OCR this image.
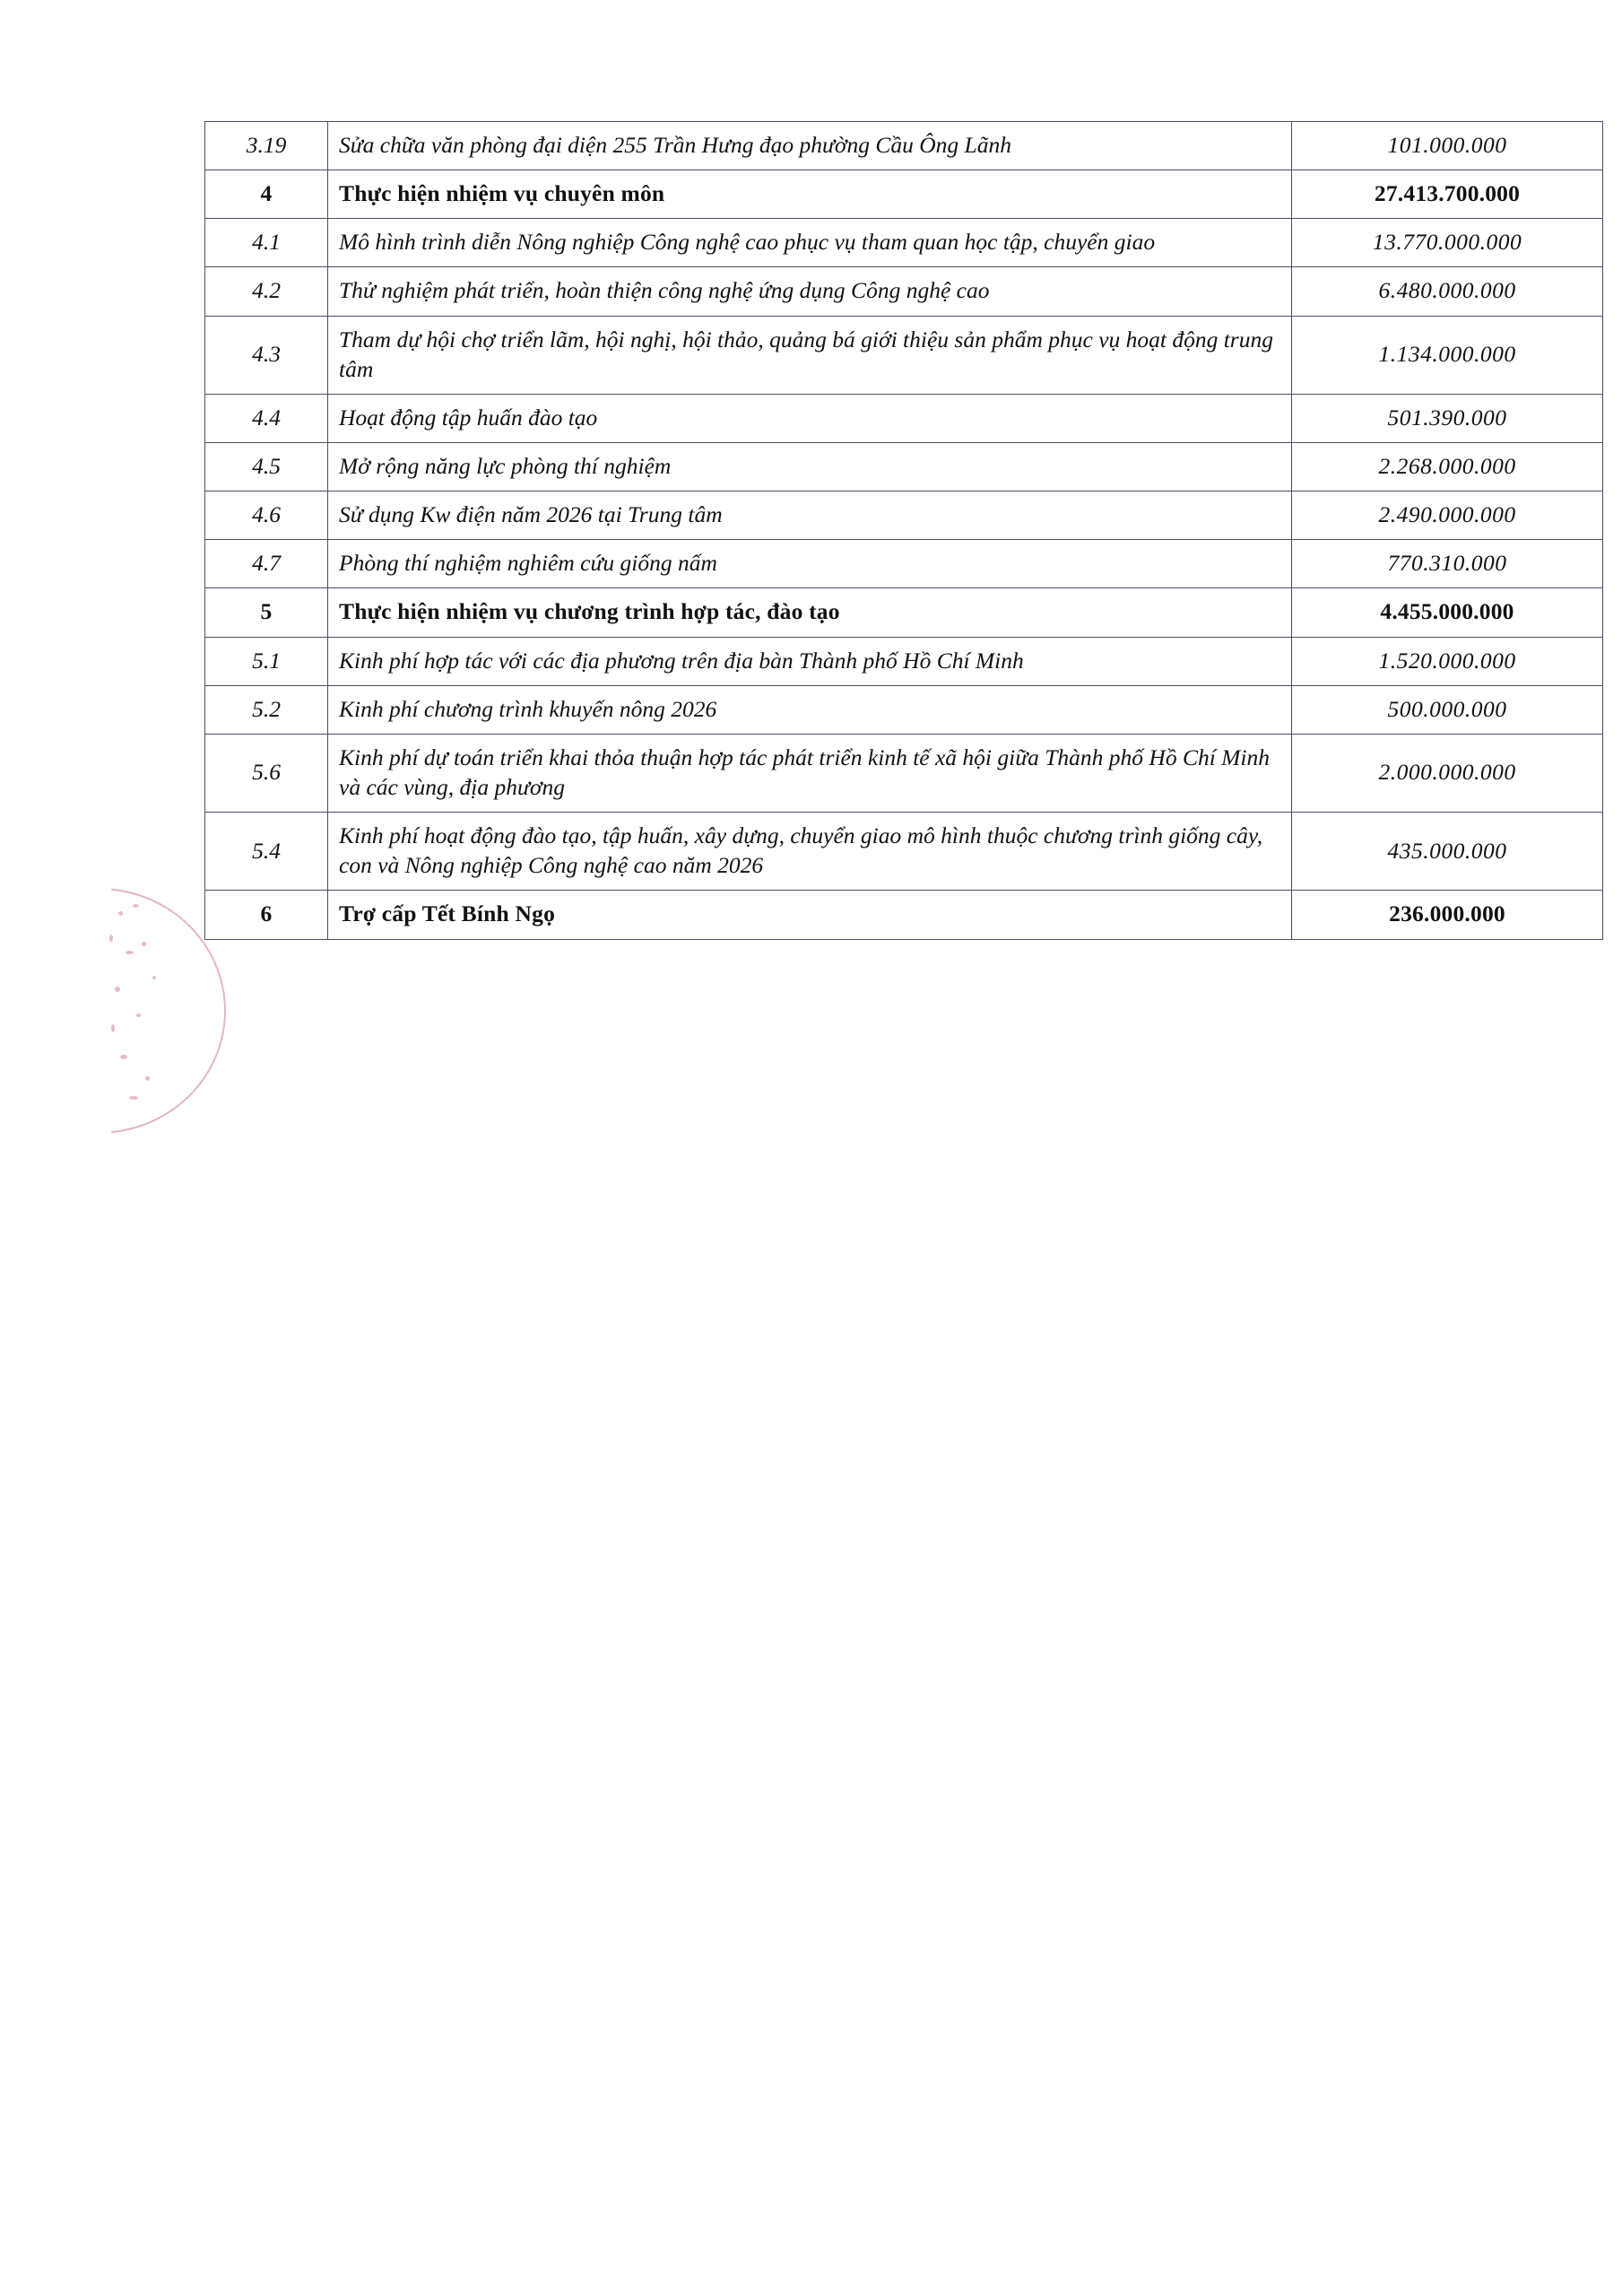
3.19	Sửa chữa văn phòng đại diện 255 Trần Hưng đạo phường Cầu Ông Lãnh	101.000.000
4	Thực hiện nhiệm vụ chuyên môn	27.413.700.000
4.1	Mô hình trình diễn Nông nghiệp Công nghệ cao phục vụ tham quan học tập, chuyển giao	13.770.000.000
4.2	Thử nghiệm phát triển, hoàn thiện công nghệ ứng dụng Công nghệ cao	6.480.000.000
4.3	Tham dự hội chợ triển lãm, hội nghị, hội thảo, quảng bá giới thiệu sản phẩm phục vụ hoạt động trung tâm	1.134.000.000
4.4	Hoạt động tập huấn đào tạo	501.390.000
4.5	Mở rộng năng lực phòng thí nghiệm	2.268.000.000
4.6	Sử dụng Kw điện năm 2026 tại Trung tâm	2.490.000.000
4.7	Phòng thí nghiệm nghiêm cứu giống nấm	770.310.000
5	Thực hiện nhiệm vụ chương trình hợp tác, đào tạo	4.455.000.000
5.1	Kinh phí hợp tác với các địa phương trên địa bàn Thành phố Hồ Chí Minh	1.520.000.000
5.2	Kinh phí chương trình khuyến nông 2026	500.000.000
5.6	Kinh phí dự toán triển khai thỏa thuận hợp tác phát triển kinh tế xã hội giữa Thành phố Hồ Chí Minh và các vùng, địa phương	2.000.000.000
5.4	Kinh phí hoạt động đào tạo, tập huấn, xây dựng, chuyển giao mô hình thuộc chương trình giống cây, con và Nông nghiệp Công nghệ cao năm 2026	435.000.000
6	Trợ cấp Tết Bính Ngọ	236.000.000
